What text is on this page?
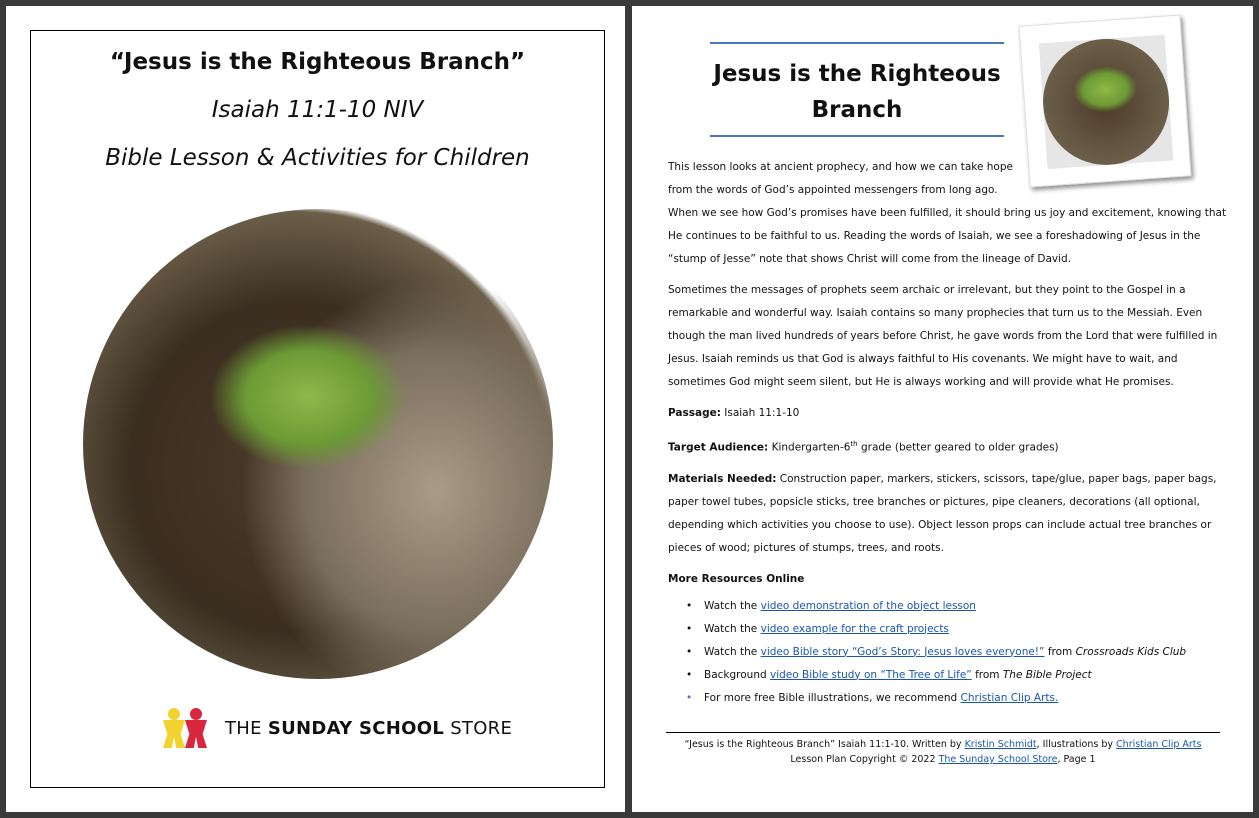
“Jesus is the Righteous Branch”
Isaiah 11:1-10 NIV
Bible Lesson & Activities for Children
THE SUNDAY SCHOOL STORE
Jesus is the Righteous Branch

This lesson looks at ancient prophecy, and how we can take hope

from the words of God’s appointed messengers from long ago.

When we see how God’s promises have been fulfilled, it should bring us joy and excitement, knowing that He continues to be faithful to us. Reading the words of Isaiah, we see a foreshadowing of Jesus in the “stump of Jesse” note that shows Christ will come from the lineage of David.

Sometimes the messages of prophets seem archaic or irrelevant, but they point to the Gospel in a remarkable and wonderful way. Isaiah contains so many prophecies that turn us to the Messiah. Even though the man lived hundreds of years before Christ, he gave words from the Lord that were fulfilled in Jesus. Isaiah reminds us that God is always faithful to His covenants. We might have to wait, and sometimes God might seem silent, but He is always working and will provide what He promises.

Passage: Isaiah 11:1-10

Target Audience: Kindergarten-6th grade (better geared to older grades)

Materials Needed: Construction paper, markers, stickers, scissors, tape/glue, paper bags, paper bags, paper towel tubes, popsicle sticks, tree branches or pictures, pipe cleaners, decorations (all optional, depending which activities you choose to use). Object lesson props can include actual tree branches or pieces of wood; pictures of stumps, trees, and roots.

More Resources Online

• Watch the video demonstration of the object lesson
• Watch the video example for the craft projects
• Watch the video Bible story “God’s Story: Jesus loves everyone!” from Crossroads Kids Club
• Background video Bible study on “The Tree of Life” from The Bible Project
• For more free Bible illustrations, we recommend Christian Clip Arts.
“Jesus is the Righteous Branch” Isaiah 11:1-10. Written by Kristin Schmidt, Illustrations by Christian Clip Arts
Lesson Plan Copyright © 2022 The Sunday School Store, Page 1
